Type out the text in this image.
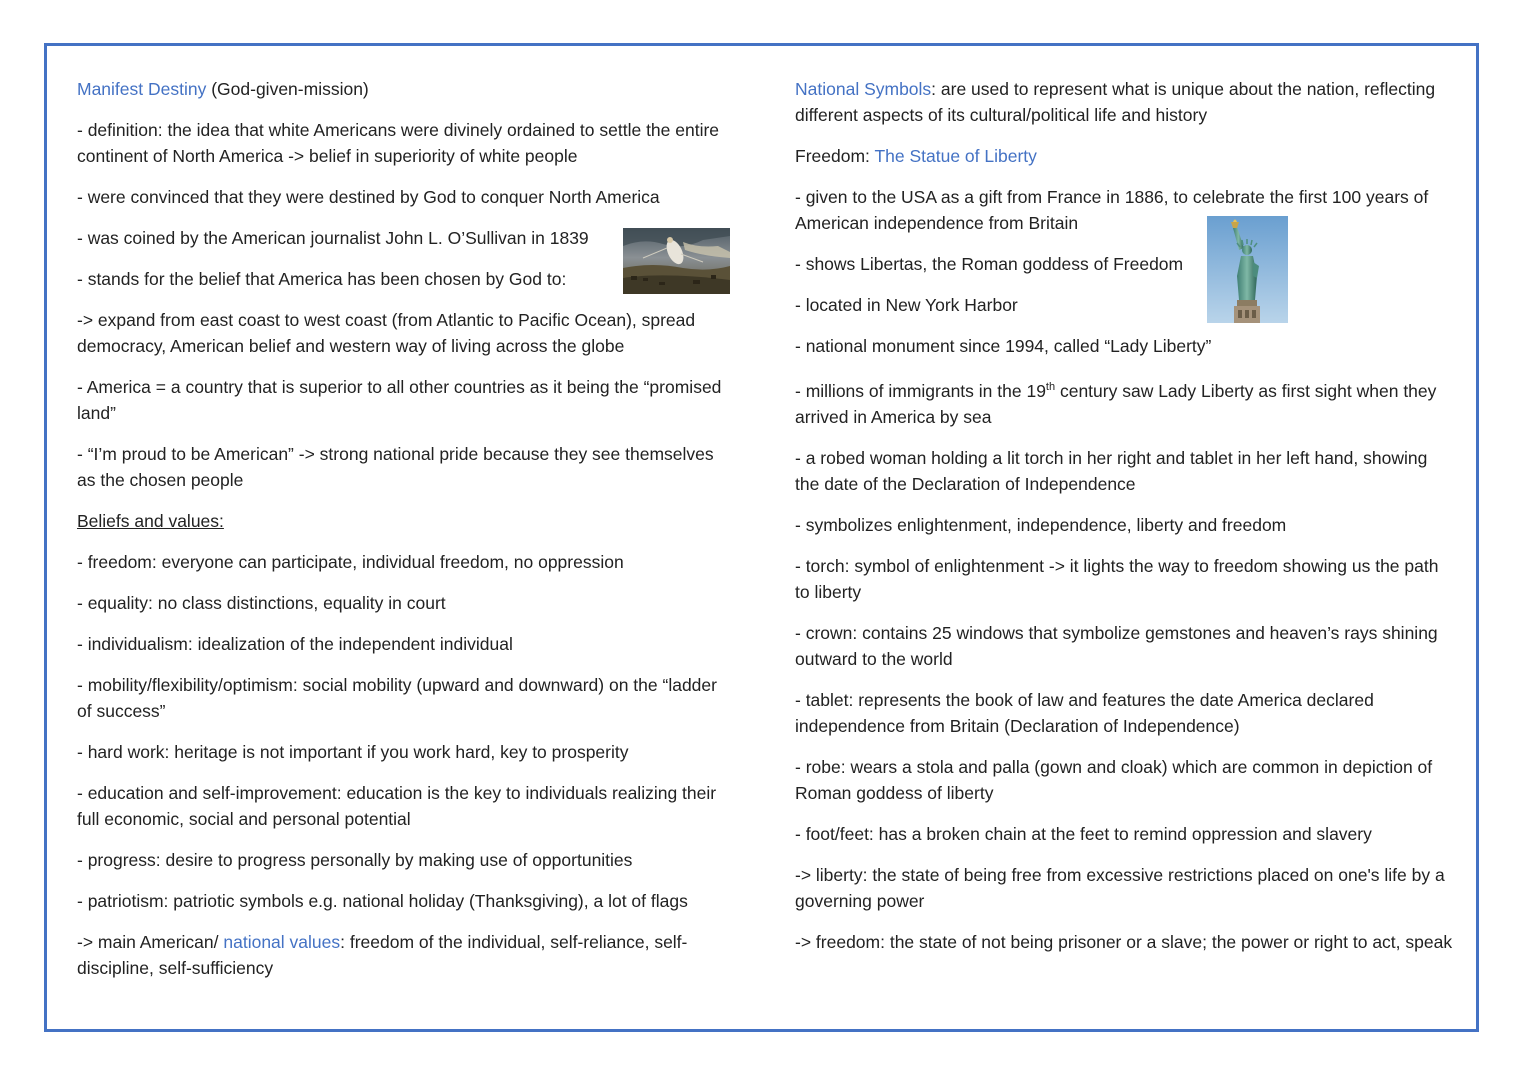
Manifest Destiny (God-given-mission)

- definition: the idea that white Americans were divinely ordained to settle the entire continent of North America -> belief in superiority of white people

- were convinced that they were destined by God to conquer North America

- was coined by the American journalist John L. O’Sullivan in 1839

- stands for the belief that America has been chosen by God to:

-> expand from east coast to west coast (from Atlantic to Pacific Ocean), spread democracy, American belief and western way of living across the globe

- America = a country that is superior to all other countries as it being the “promised land”

- “I’m proud to be American” -> strong national pride because they see themselves as the chosen people

Beliefs and values:

- freedom: everyone can participate, individual freedom, no oppression

- equality: no class distinctions, equality in court

- individualism: idealization of the independent individual

- mobility/flexibility/optimism: social mobility (upward and downward) on the “ladder of success”

- hard work: heritage is not important if you work hard, key to prosperity

- education and self-improvement: education is the key to individuals realizing their full economic, social and personal potential

- progress: desire to progress personally by making use of opportunities

- patriotism: patriotic symbols e.g. national holiday (Thanksgiving), a lot of flags

-> main American/ national values: freedom of the individual, self-reliance, self-discipline, self-sufficiency

National Symbols: are used to represent what is unique about the nation, reflecting different aspects of its cultural/political life and history

Freedom: The Statue of Liberty

- given to the USA as a gift from France in 1886, to celebrate the first 100 years of American independence from Britain

- shows Libertas, the Roman goddess of Freedom

- located in New York Harbor

- national monument since 1994, called “Lady Liberty”

- millions of immigrants in the 19th century saw Lady Liberty as first sight when they arrived in America by sea

- a robed woman holding a lit torch in her right and tablet in her left hand, showing the date of the Declaration of Independence

- symbolizes enlightenment, independence, liberty and freedom

- torch: symbol of enlightenment -> it lights the way to freedom showing us the path to liberty

- crown: contains 25 windows that symbolize gemstones and heaven’s rays shining outward to the world

- tablet: represents the book of law and features the date America declared independence from Britain (Declaration of Independence)

- robe: wears a stola and palla (gown and cloak) which are common in depiction of Roman goddess of liberty

- foot/feet: has a broken chain at the feet to remind oppression and slavery

-> liberty: the state of being free from excessive restrictions placed on one's life by a governing power

-> freedom: the state of not being prisoner or a slave; the power or right to act, speak
